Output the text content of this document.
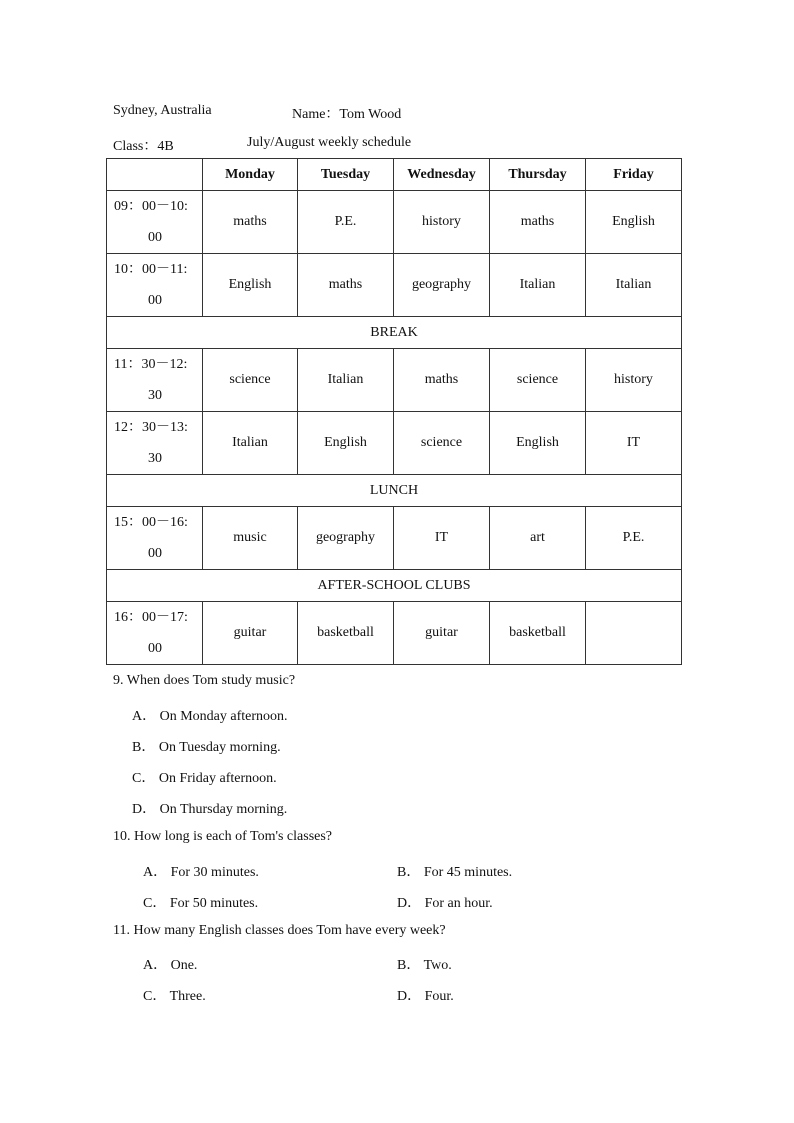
Sydney, Australia	Name：Tom Wood
Class：4B	July/August weekly schedule
	Monday	Tuesday	Wednesday	Thursday	Friday

09：00－10:
00	maths	P.E.	history	maths	English

10：00－11:
00	English	maths	geography	Italian	Italian
BREAK					

11：30－12:
30	science	Italian	maths	science	history

12：30－13:
30	Italian	English	science	English	IT
LUNCH					

15：00－16:
00	music	geography	IT	art	P.E.
AFTER-SCHOOL CLUBS					

16：00－17:
00	guitar	basketball	guitar	basketball	
9. When does Tom study music?
A． On Monday afternoon.
B． On Tuesday morning.
C． On Friday afternoon.
D． On Thursday morning.
10. How long is each of Tom's classes?
A． For 30 minutes.	B． For 45 minutes.
C． For 50 minutes.	D． For an hour.
11. How many English classes does Tom have every week?
A． One.	B． Two.
C． Three.	D． Four.
